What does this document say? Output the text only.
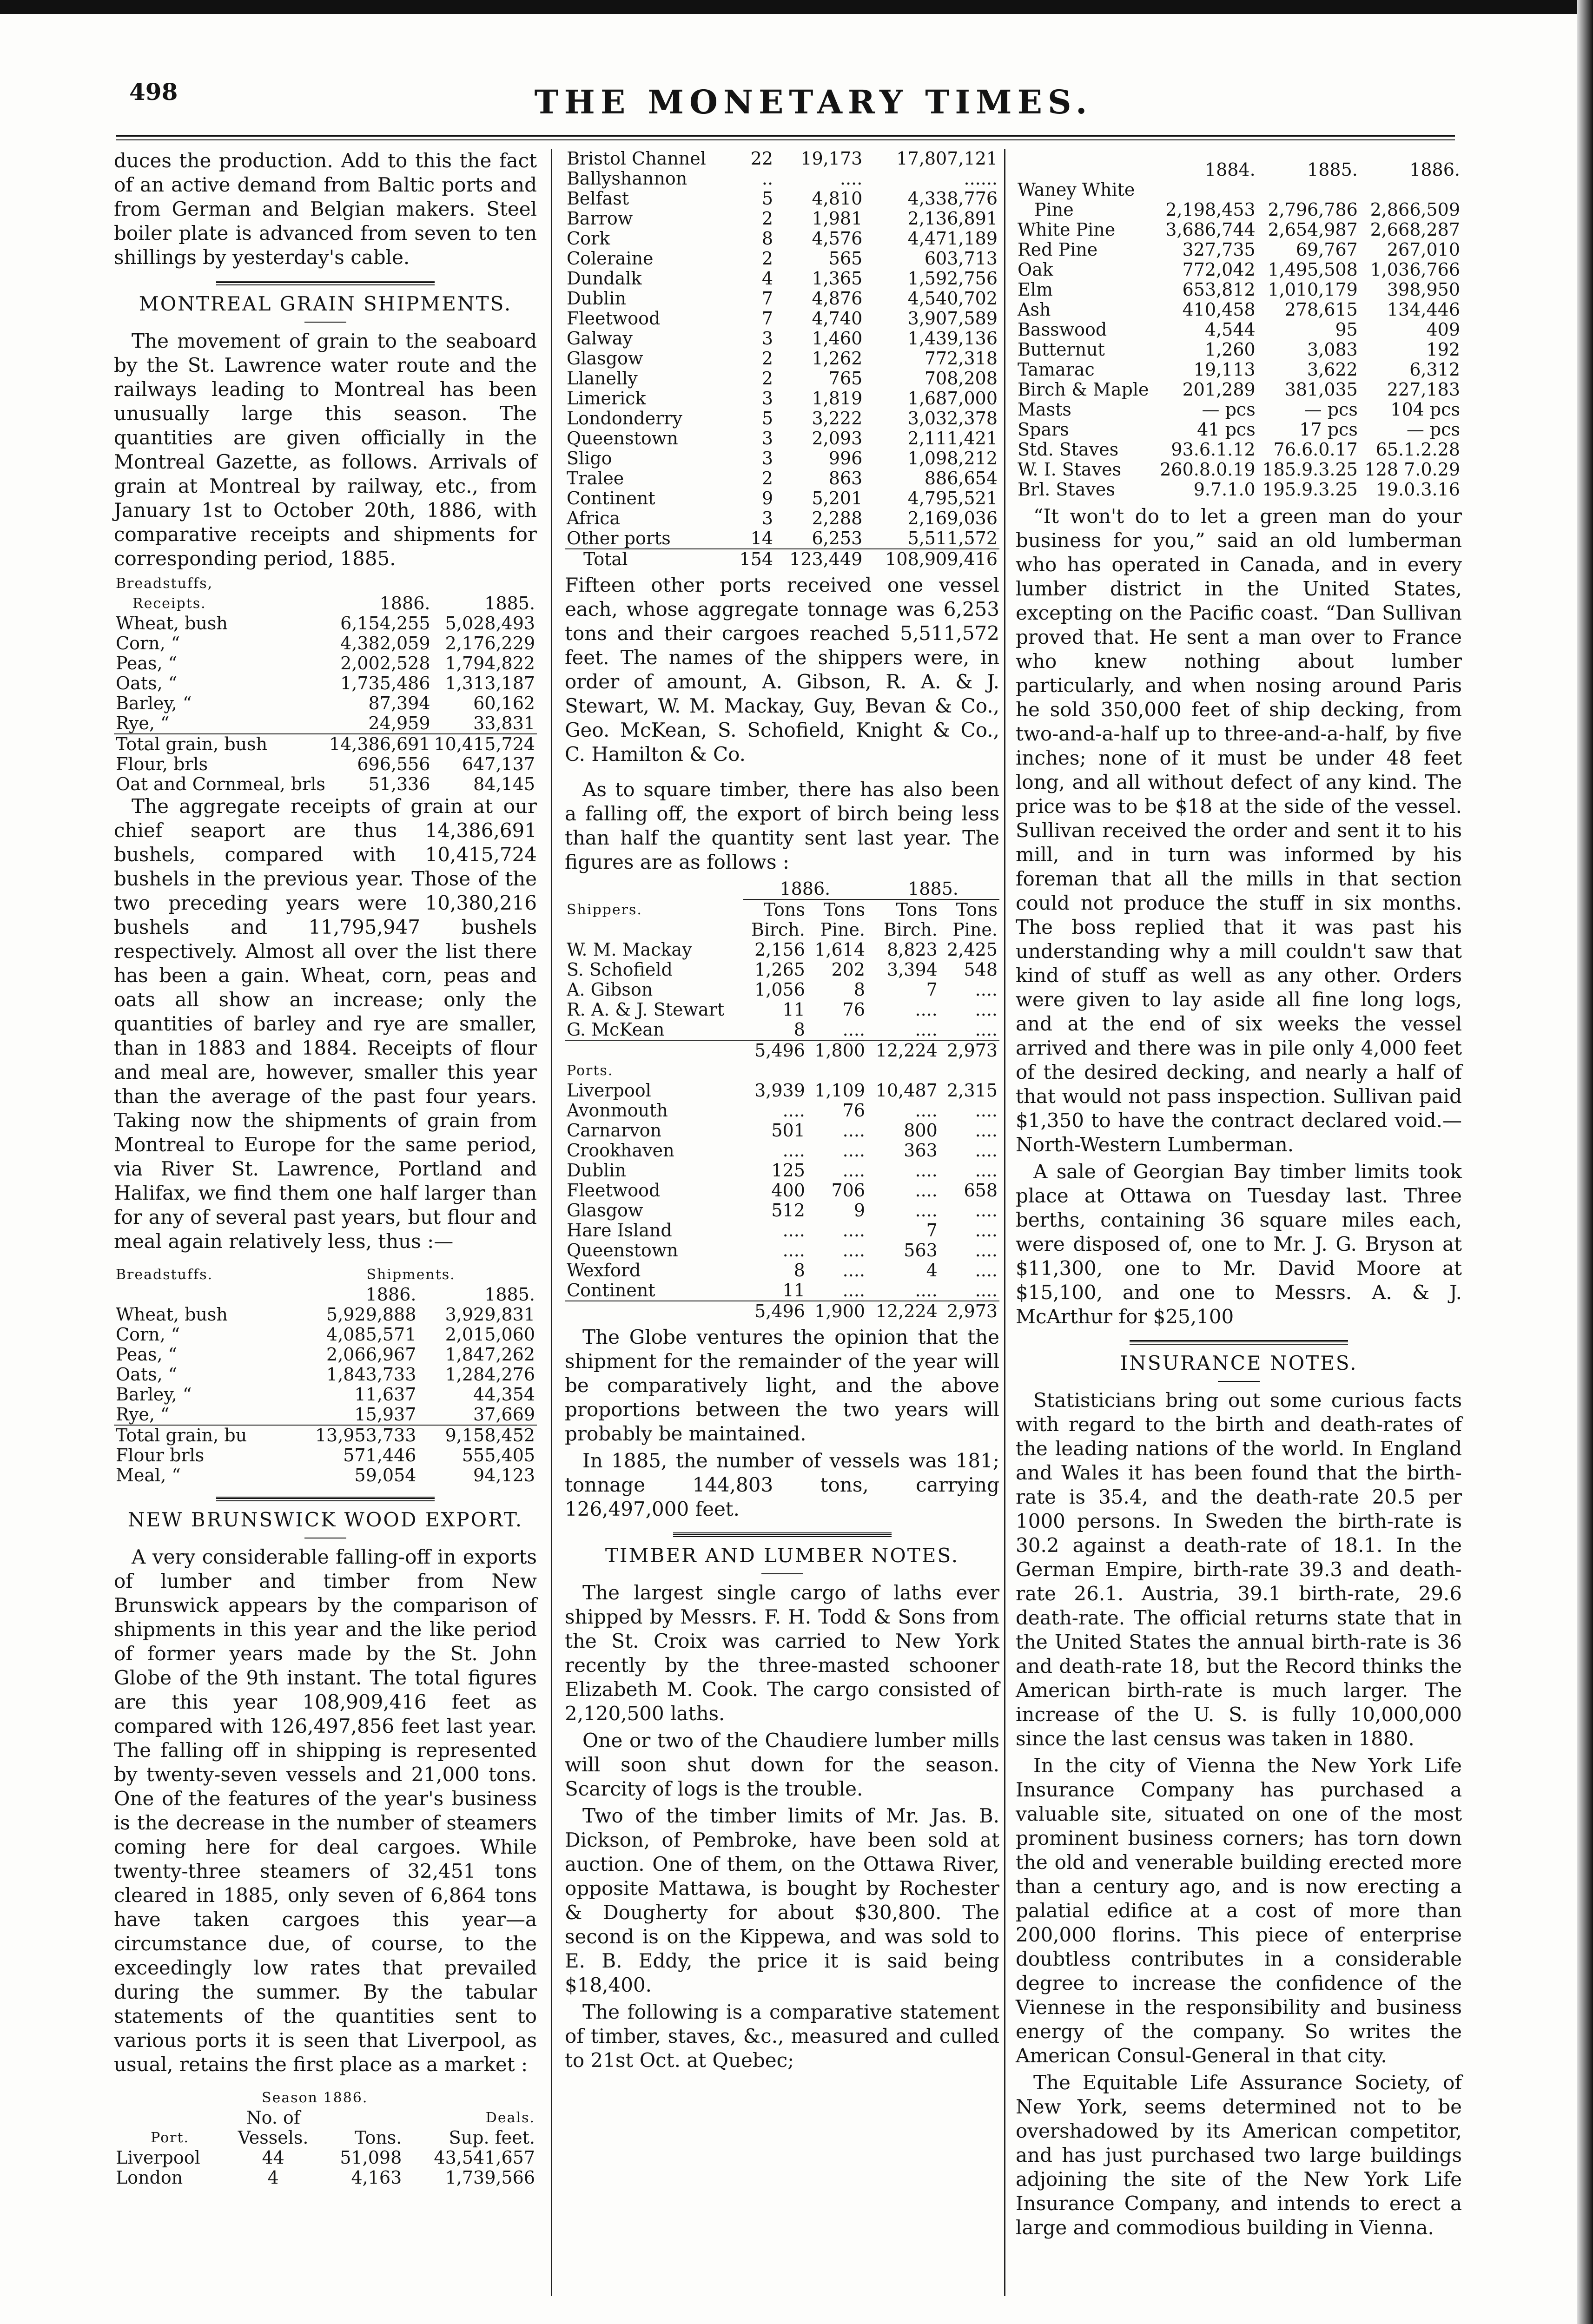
498	THE MONETARY TIMES.
duces the production. Add to this the fact of an active demand from Baltic ports and from German and Belgian makers. Steel boiler plate is advanced from seven to ten shillings by yesterday's cable.
MONTREAL GRAIN SHIPMENTS.
The movement of grain to the seaboard by the St. Lawrence water route and the railways leading to Montreal has been unusually large this season. The quantities are given officially in the Montreal Gazette, as follows. Arrivals of grain at Montreal by railway, etc., from January 1st to October 20th, 1886, with comparative receipts and shipments for corresponding period, 1885.
Breadstuffs,		
Receipts.	1886.	1885.
Wheat, bush	6,154,255	5,028,493
Corn, “	4,382,059	2,176,229
Peas, “	2,002,528	1,794,822
Oats, “	1,735,486	1,313,187
Barley, “	87,394	60,162
Rye, “	24,959	33,831
Total grain, bush	14,386,691	10,415,724
Flour, brls	696,556	647,137
Oat and Cornmeal, brls	51,336	84,145
The aggregate receipts of grain at our chief seaport are thus 14,386,691 bushels, compared with 10,415,724 bushels in the previous year. Those of the two preceding years were 10,380,216 bushels and 11,795,947 bushels respectively. Almost all over the list there has been a gain. Wheat, corn, peas and oats all show an increase; only the quantities of barley and rye are smaller, than in 1883 and 1884. Receipts of flour and meal are, however, smaller this year than the average of the past four years. Taking now the shipments of grain from Montreal to Europe for the same period, via River St. Lawrence, Portland and Halifax, we find them one half larger than for any of several past years, but flour and meal again relatively less, thus :—
Breadstuffs.	Shipments.	
	1886.	1885.
Wheat, bush	5,929,888	3,929,831
Corn, “	4,085,571	2,015,060
Peas, “	2,066,967	1,847,262
Oats, “	1,843,733	1,284,276
Barley, “	11,637	44,354
Rye, “	15,937	37,669
Total grain, bu	13,953,733	9,158,452
Flour brls	571,446	555,405
Meal, “	59,054	94,123
NEW BRUNSWICK WOOD EXPORT.
A very considerable falling-off in exports of lumber and timber from New Brunswick appears by the comparison of shipments in this year and the like period of former years made by the St. John Globe of the 9th instant. The total figures are this year 108,909,416 feet as compared with 126,497,856 feet last year. The falling off in shipping is represented by twenty-seven vessels and 21,000 tons. One of the features of the year's business is the decrease in the number of steamers coming here for deal cargoes. While twenty-three steamers of 32,451 tons cleared in 1885, only seven of 6,864 tons have taken cargoes this year—a circumstance due, of course, to the exceedingly low rates that prevailed during the summer. By the tabular statements of the quantities sent to various ports it is seen that Liverpool, as usual, retains the first place as a market :
	Season 1886.		
	No. of		Deals.
Port.	Vessels.	Tons.	Sup. feet.
Liverpool	44	51,098	43,541,657
London	4	4,163	1,739,566
Bristol Channel	22	19,173	17,807,121
Ballyshannon	..	....	......
Belfast	5	4,810	4,338,776
Barrow	2	1,981	2,136,891
Cork	8	4,576	4,471,189
Coleraine	2	565	603,713
Dundalk	4	1,365	1,592,756
Dublin	7	4,876	4,540,702
Fleetwood	7	4,740	3,907,589
Galway	3	1,460	1,439,136
Glasgow	2	1,262	772,318
Llanelly	2	765	708,208
Limerick	3	1,819	1,687,000
Londonderry	5	3,222	3,032,378
Queenstown	3	2,093	2,111,421
Sligo	3	996	1,098,212
Tralee	2	863	886,654
Continent	9	5,201	4,795,521
Africa	3	2,288	2,169,036
Other ports	14	6,253	5,511,572
Total	154	123,449	108,909,416
Fifteen other ports received one vessel each, whose aggregate tonnage was 6,253 tons and their cargoes reached 5,511,572 feet. The names of the shippers were, in order of amount, A. Gibson, R. A. & J. Stewart, W. M. Mackay, Guy, Bevan & Co., Geo. McKean, S. Schofield, Knight & Co., C. Hamilton & Co.
As to square timber, there has also been a falling off, the export of birch being less than half the quantity sent last year. The figures are as follows :
	1886.		1885.	
Shippers.	Tons	Tons	Tons	Tons
	Birch.	Pine.	Birch.	Pine.
W. M. Mackay	2,156	1,614	8,823	2,425
S. Schofield	1,265	202	3,394	548
A. Gibson	1,056	8	7	....
R. A. & J. Stewart	11	76	....	....
G. McKean	8	....	....	....
	5,496	1,800	12,224	2,973
Ports.				
Liverpool	3,939	1,109	10,487	2,315
Avonmouth	....	76	....	....
Carnarvon	501	....	800	....
Crookhaven	....	....	363	....
Dublin	125	....	....	....
Fleetwood	400	706	....	658
Glasgow	512	9	....	....
Hare Island	....	....	7	....
Queenstown	....	....	563	....
Wexford	8	....	4	....
Continent	11	....	....	....
	5,496	1,900	12,224	2,973
The Globe ventures the opinion that the shipment for the remainder of the year will be comparatively light, and the above proportions between the two years will probably be maintained.
In 1885, the number of vessels was 181; tonnage 144,803 tons, carrying 126,497,000 feet.
TIMBER AND LUMBER NOTES.
The largest single cargo of laths ever shipped by Messrs. F. H. Todd & Sons from the St. Croix was carried to New York recently by the three-masted schooner Elizabeth M. Cook. The cargo consisted of 2,120,500 laths.
One or two of the Chaudiere lumber mills will soon shut down for the season. Scarcity of logs is the trouble.
Two of the timber limits of Mr. Jas. B. Dickson, of Pembroke, have been sold at auction. One of them, on the Ottawa River, opposite Mattawa, is bought by Rochester & Dougherty for about $30,800. The second is on the Kippewa, and was sold to E. B. Eddy, the price it is said being $18,400.
The following is a comparative statement of timber, staves, &c., measured and culled to 21st Oct. at Quebec;
	1884.	1885.	1886.
Waney White			
Pine	2,198,453	2,796,786	2,866,509
White Pine	3,686,744	2,654,987	2,668,287
Red Pine	327,735	69,767	267,010
Oak	772,042	1,495,508	1,036,766
Elm	653,812	1,010,179	398,950
Ash	410,458	278,615	134,446
Basswood	4,544	95	409
Butternut	1,260	3,083	192
Tamarac	19,113	3,622	6,312
Birch & Maple	201,289	381,035	227,183
Masts	— pcs	— pcs	104 pcs
Spars	41 pcs	17 pcs	— pcs
Std. Staves	93.6.1.12	76.6.0.17	65.1.2.28
W. I. Staves	260.8.0.19	185.9.3.25	128 7.0.29
Brl. Staves	9.7.1.0	195.9.3.25	19.0.3.16
“It won't do to let a green man do your business for you,” said an old lumberman who has operated in Canada, and in every lumber district in the United States, excepting on the Pacific coast. “Dan Sullivan proved that. He sent a man over to France who knew nothing about lumber particularly, and when nosing around Paris he sold 350,000 feet of ship decking, from two-and-a-half up to three-and-a-half, by five inches; none of it must be under 48 feet long, and all without defect of any kind. The price was to be $18 at the side of the vessel. Sullivan received the order and sent it to his mill, and in turn was informed by his foreman that all the mills in that section could not produce the stuff in six months. The boss replied that it was past his understanding why a mill couldn't saw that kind of stuff as well as any other. Orders were given to lay aside all fine long logs, and at the end of six weeks the vessel arrived and there was in pile only 4,000 feet of the desired decking, and nearly a half of that would not pass inspection. Sullivan paid $1,350 to have the contract declared void.—North-Western Lumberman.
A sale of Georgian Bay timber limits took place at Ottawa on Tuesday last. Three berths, containing 36 square miles each, were disposed of, one to Mr. J. G. Bryson at $11,300, one to Mr. David Moore at $15,100, and one to Messrs. A. & J. McArthur for $25,100
INSURANCE NOTES.
Statisticians bring out some curious facts with regard to the birth and death-rates of the leading nations of the world. In England and Wales it has been found that the birth-rate is 35.4, and the death-rate 20.5 per 1000 persons. In Sweden the birth-rate is 30.2 against a death-rate of 18.1. In the German Empire, birth-rate 39.3 and death-rate 26.1. Austria, 39.1 birth-rate, 29.6 death-rate. The official returns state that in the United States the annual birth-rate is 36 and death-rate 18, but the Record thinks the American birth-rate is much larger. The increase of the U. S. is fully 10,000,000 since the last census was taken in 1880.
In the city of Vienna the New York Life Insurance Company has purchased a valuable site, situated on one of the most prominent business corners; has torn down the old and venerable building erected more than a century ago, and is now erecting a palatial edifice at a cost of more than 200,000 florins. This piece of enterprise doubtless contributes in a considerable degree to increase the confidence of the Viennese in the responsibility and business energy of the company. So writes the American Consul-General in that city.
The Equitable Life Assurance Society, of New York, seems determined not to be overshadowed by its American competitor, and has just purchased two large buildings adjoining the site of the New York Life Insurance Company, and intends to erect a large and commodious building in Vienna.
